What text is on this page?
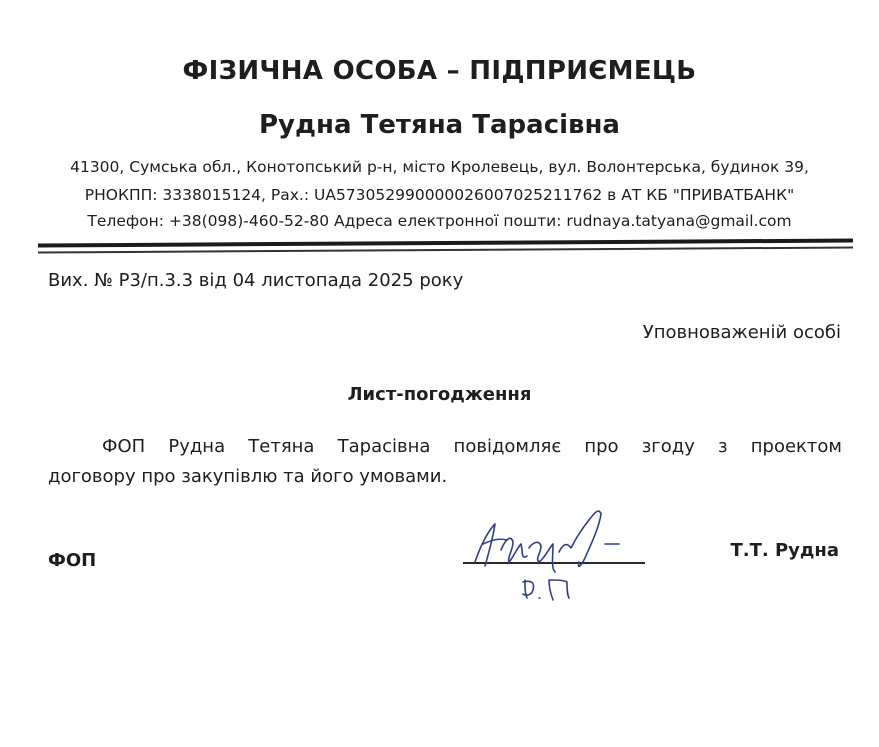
ФІЗИЧНА ОСОБА – ПІДПРИЄМЕЦЬ
Рудна Тетяна Тарасівна
41300, Сумська обл., Конотопський р-н, місто Кролевець, вул. Волонтерська, будинок 39,
РНОКПП: 3338015124, Рах.: UA573052990000026007025211762 в АТ КБ "ПРИВАТБАНК"
Телефон: +38(098)-460-52-80 Адреса електронної пошти: rudnaya.tatyana@gmail.com
Вих. № Р3/п.3.3 від 04 листопада 2025 року
Уповноваженій особі
Лист-погодження
ФОП Рудна Тетяна Тарасівна повідомляє про згоду з проектом
договору про закупівлю та його умовами.
ФОП	Т.Т. Рудна
